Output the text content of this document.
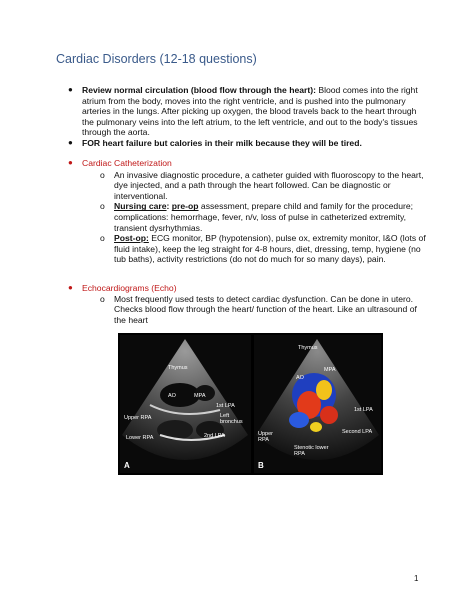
Cardiac Disorders (12-18 questions)
● Review normal circulation (blood flow through the heart): Blood comes into the right atrium from the body, moves into the right ventricle, and is pushed into the pulmonary arteries in the lungs. After picking up oxygen, the blood travels back to the heart through the pulmonary veins into the left atrium, to the left ventricle, and out to the body's tissues through the aorta.
● FOR heart failure but calories in their milk because they will be tired.
● Cardiac Catheterization
o An invasive diagnostic procedure, a catheter guided with fluoroscopy to the heart, dye injected, and a path through the heart followed. Can be diagnostic or interventional.
o Nursing care: pre-op assessment, prepare child and family for the procedure; complications: hemorrhage, fever, n/v, loss of pulse in catheterized extremity, transient dysrhythmias.
o Post-op: ECG monitor, BP (hypotension), pulse ox, extremity monitor, I&O (lots of fluid intake), keep the leg straight for 4-8 hours, diet, dressing, temp, hygiene (no tub baths), activity restrictions (do not do much for so many days), pain.
● Echocardiograms (Echo)
o Most frequently used tests to detect cardiac dysfunction. Can be done in utero. Checks blood flow through the heart/ function of the heart. Like an ultrasound of the heart
Thymus
AO	MPA
1st LPA
Upper RPA	Left bronchus
2nd LPA
Lower RPA
A
Thymus
MPA
AO
1st LPA
Upper RPA
Second LPA
Stenotic lower RPA
B
1
